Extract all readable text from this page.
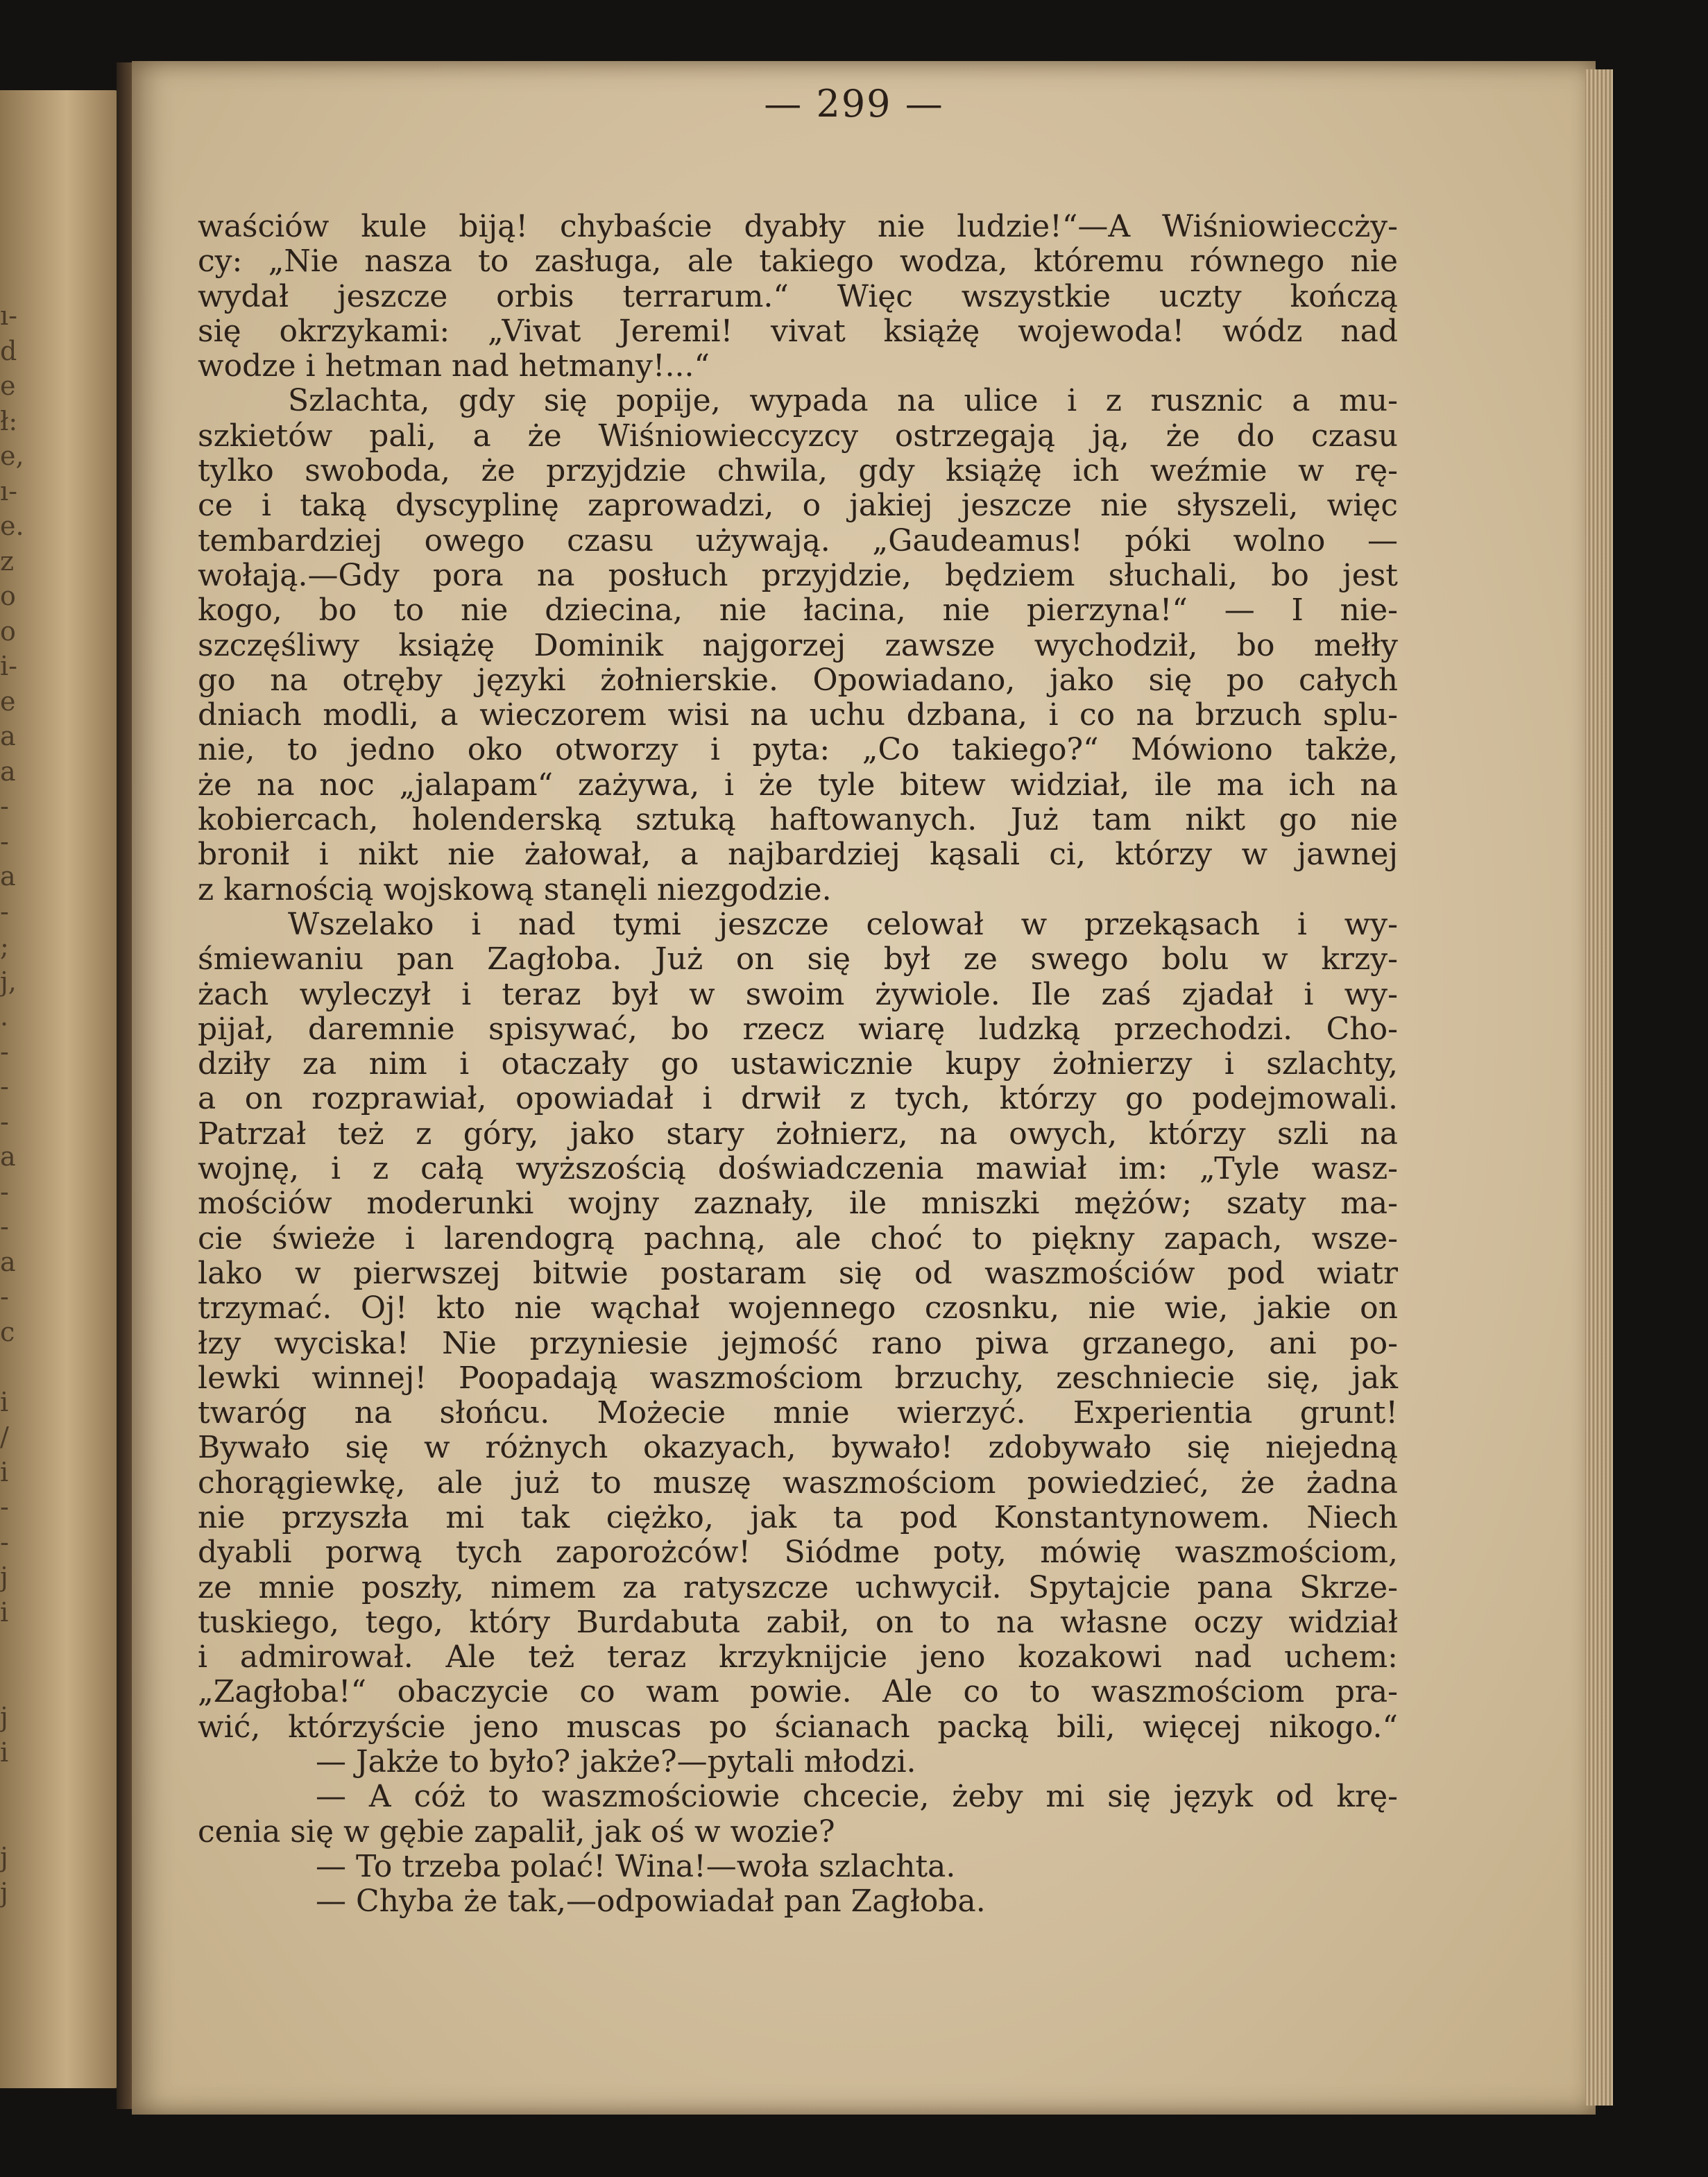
ı-
d
e
ł:
e,
ı-
e.
z
o
o
i-
e
a
a
-
-
a
-
;
j,
.
-
-
-
a
-
-
a
-
c
i
/
i
-
-
j
i
j
i
j
j
— 299 —
waściów kule biją! chybaście dyabły nie ludzie!“—A Wiśniowieccży-
cy: „Nie nasza to zasługa, ale takiego wodza, któremu równego nie
wydał jeszcze orbis terrarum.“ Więc wszystkie uczty kończą
się okrzykami: „Vivat Jeremi! vivat książę wojewoda! wódz nad
wodze i hetman nad hetmany!...“
Szlachta, gdy się popije, wypada na ulice i z rusznic a mu-
szkietów pali, a że Wiśniowieccyzcy ostrzegają ją, że do czasu
tylko swoboda, że przyjdzie chwila, gdy książę ich weźmie w rę-
ce i taką dyscyplinę zaprowadzi, o jakiej jeszcze nie słyszeli, więc
tembardziej owego czasu używają. „Gaudeamus! póki wolno —
wołają.—Gdy pora na posłuch przyjdzie, będziem słuchali, bo jest
kogo, bo to nie dziecina, nie łacina, nie pierzyna!“ — I nie-
szczęśliwy książę Dominik najgorzej zawsze wychodził, bo mełły
go na otręby języki żołnierskie. Opowiadano, jako się po całych
dniach modli, a wieczorem wisi na uchu dzbana, i co na brzuch splu-
nie, to jedno oko otworzy i pyta: „Co takiego?“ Mówiono także,
że na noc „jalapam“ zażywa, i że tyle bitew widział, ile ma ich na
kobiercach, holenderską sztuką haftowanych. Już tam nikt go nie
bronił i nikt nie żałował, a najbardziej kąsali ci, którzy w jawnej
z karnością wojskową stanęli niezgodzie.
Wszelako i nad tymi jeszcze celował w przekąsach i wy-
śmiewaniu pan Zagłoba. Już on się był ze swego bolu w krzy-
żach wyleczył i teraz był w swoim żywiole. Ile zaś zjadał i wy-
pijał, daremnie spisywać, bo rzecz wiarę ludzką przechodzi. Cho-
dziły za nim i otaczały go ustawicznie kupy żołnierzy i szlachty,
a on rozprawiał, opowiadał i drwił z tych, którzy go podejmowali.
Patrzał też z góry, jako stary żołnierz, na owych, którzy szli na
wojnę, i z całą wyższością doświadczenia mawiał im: „Tyle wasz-
mościów moderunki wojny zaznały, ile mniszki mężów; szaty ma-
cie świeże i larendogrą pachną, ale choć to piękny zapach, wsze-
lako w pierwszej bitwie postaram się od waszmościów pod wiatr
trzymać. Oj! kto nie wąchał wojennego czosnku, nie wie, jakie on
łzy wyciska! Nie przyniesie jejmość rano piwa grzanego, ani po-
lewki winnej! Poopadają waszmościom brzuchy, zeschniecie się, jak
twaróg na słońcu. Możecie mnie wierzyć. Experientia grunt!
Bywało się w różnych okazyach, bywało! zdobywało się niejedną
chorągiewkę, ale już to muszę waszmościom powiedzieć, że żadna
nie przyszła mi tak ciężko, jak ta pod Konstantynowem. Niech
dyabli porwą tych zaporożców! Siódme poty, mówię waszmościom,
ze mnie poszły, nimem za ratyszcze uchwycił. Spytajcie pana Skrze-
tuskiego, tego, który Burdabuta zabił, on to na własne oczy widział
i admirował. Ale też teraz krzyknijcie jeno kozakowi nad uchem:
„Zagłoba!“ obaczycie co wam powie. Ale co to waszmościom pra-
wić, którzyście jeno muscas po ścianach packą bili, więcej nikogo.“
— Jakże to było? jakże?—pytali młodzi.
— A cóż to waszmościowie chcecie, żeby mi się język od krę-
cenia się w gębie zapalił, jak oś w wozie?
— To trzeba polać! Wina!—woła szlachta.
— Chyba że tak,—odpowiadał pan Zagłoba.
